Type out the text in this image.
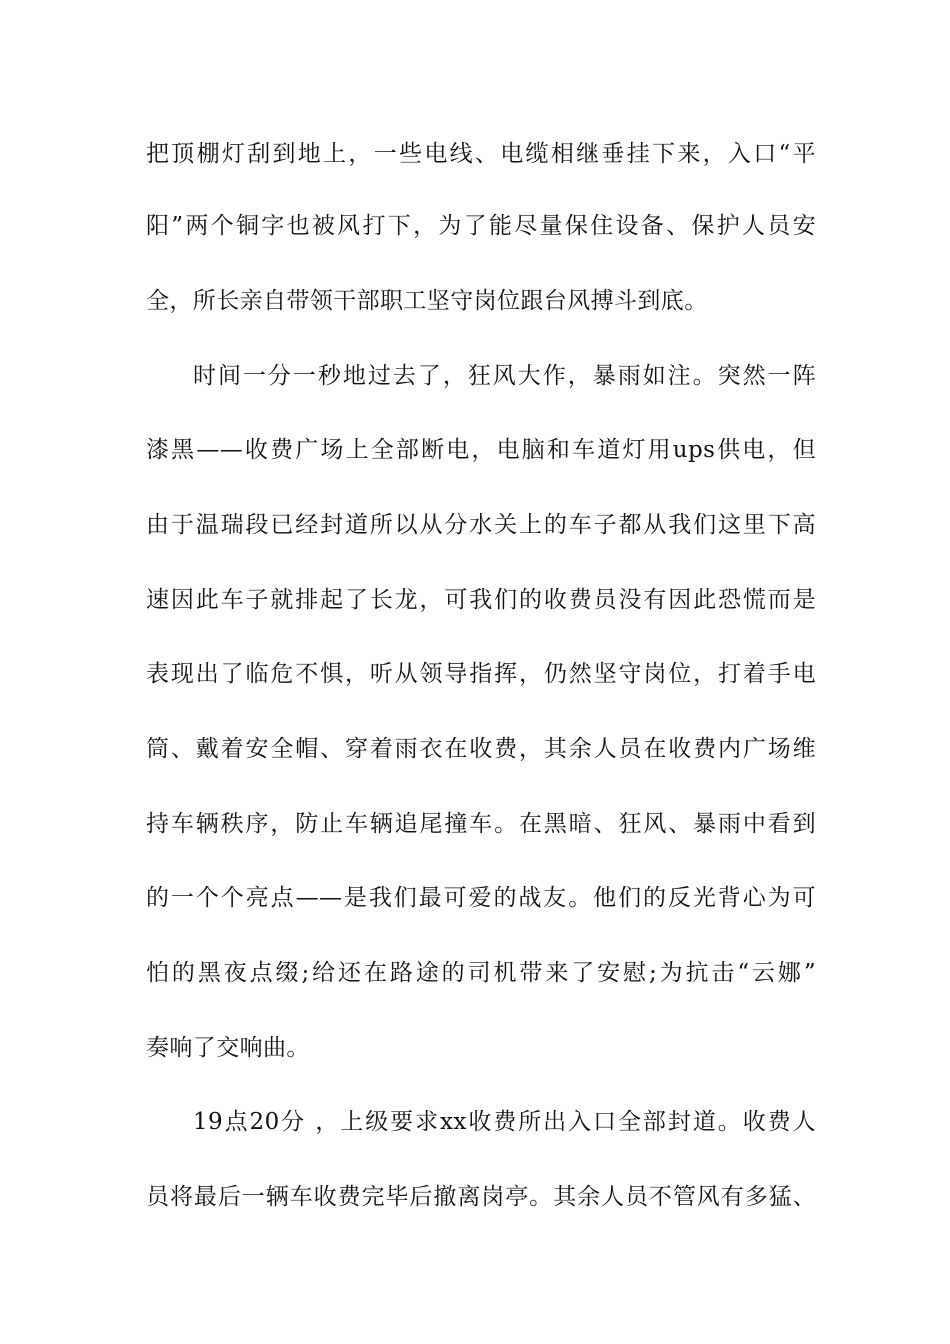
把顶棚灯刮到地上，一些电线、电缆相继垂挂下来，入口“平
阳”两个铜字也被风打下，为了能尽量保住设备、保护人员安
全，所长亲自带领干部职工坚守岗位跟台风搏斗到底。
时间一分一秒地过去了，狂风大作，暴雨如注。突然一阵
漆黑——收费广场上全部断电，电脑和车道灯用ups供电，但
由于温瑞段已经封道所以从分水关上的车子都从我们这里下高
速因此车子就排起了长龙，可我们的收费员没有因此恐慌而是
表现出了临危不惧，听从领导指挥，仍然坚守岗位，打着手电
筒、戴着安全帽、穿着雨衣在收费，其余人员在收费内广场维
持车辆秩序，防止车辆追尾撞车。在黑暗、狂风、暴雨中看到
的一个个亮点——是我们最可爱的战友。他们的反光背心为可
怕的黑夜点缀;给还在路途的司机带来了安慰;为抗击“云娜”
奏响了交响曲。
19点20分 ，上级要求xx收费所出入口全部封道。收费人
员将最后一辆车收费完毕后撤离岗亭。其余人员不管风有多猛、
